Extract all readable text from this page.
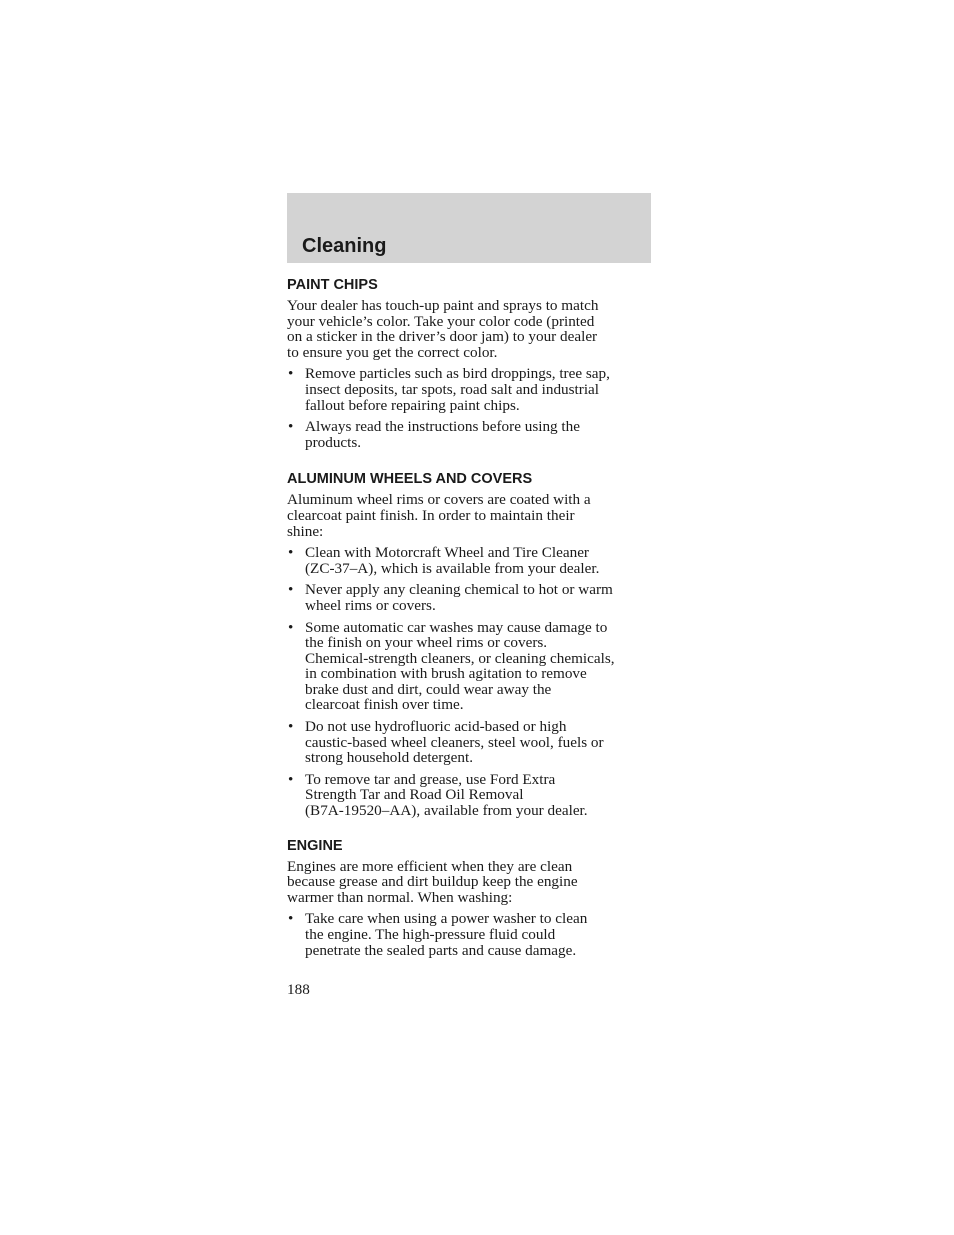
Cleaning
PAINT CHIPS

Your dealer has touch-up paint and sprays to match
your vehicle’s color. Take your color code (printed
on a sticker in the driver’s door jam) to your dealer
to ensure you get the correct color.

• Remove particles such as bird droppings, tree sap,
insect deposits, tar spots, road salt and industrial
fallout before repairing paint chips.
• Always read the instructions before using the
products.
ALUMINUM WHEELS AND COVERS

Aluminum wheel rims or covers are coated with a
clearcoat paint finish. In order to maintain their
shine:

• Clean with Motorcraft Wheel and Tire Cleaner
(ZC-37–A), which is available from your dealer.
• Never apply any cleaning chemical to hot or warm
wheel rims or covers.
• Some automatic car washes may cause damage to
the finish on your wheel rims or covers.
Chemical-strength cleaners, or cleaning chemicals,
in combination with brush agitation to remove
brake dust and dirt, could wear away the
clearcoat finish over time.
• Do not use hydrofluoric acid-based or high
caustic-based wheel cleaners, steel wool, fuels or
strong household detergent.
• To remove tar and grease, use Ford Extra
Strength Tar and Road Oil Removal
(B7A-19520–AA), available from your dealer.
ENGINE

Engines are more efficient when they are clean
because grease and dirt buildup keep the engine
warmer than normal. When washing:

• Take care when using a power washer to clean
the engine. The high-pressure fluid could
penetrate the sealed parts and cause damage.
188
